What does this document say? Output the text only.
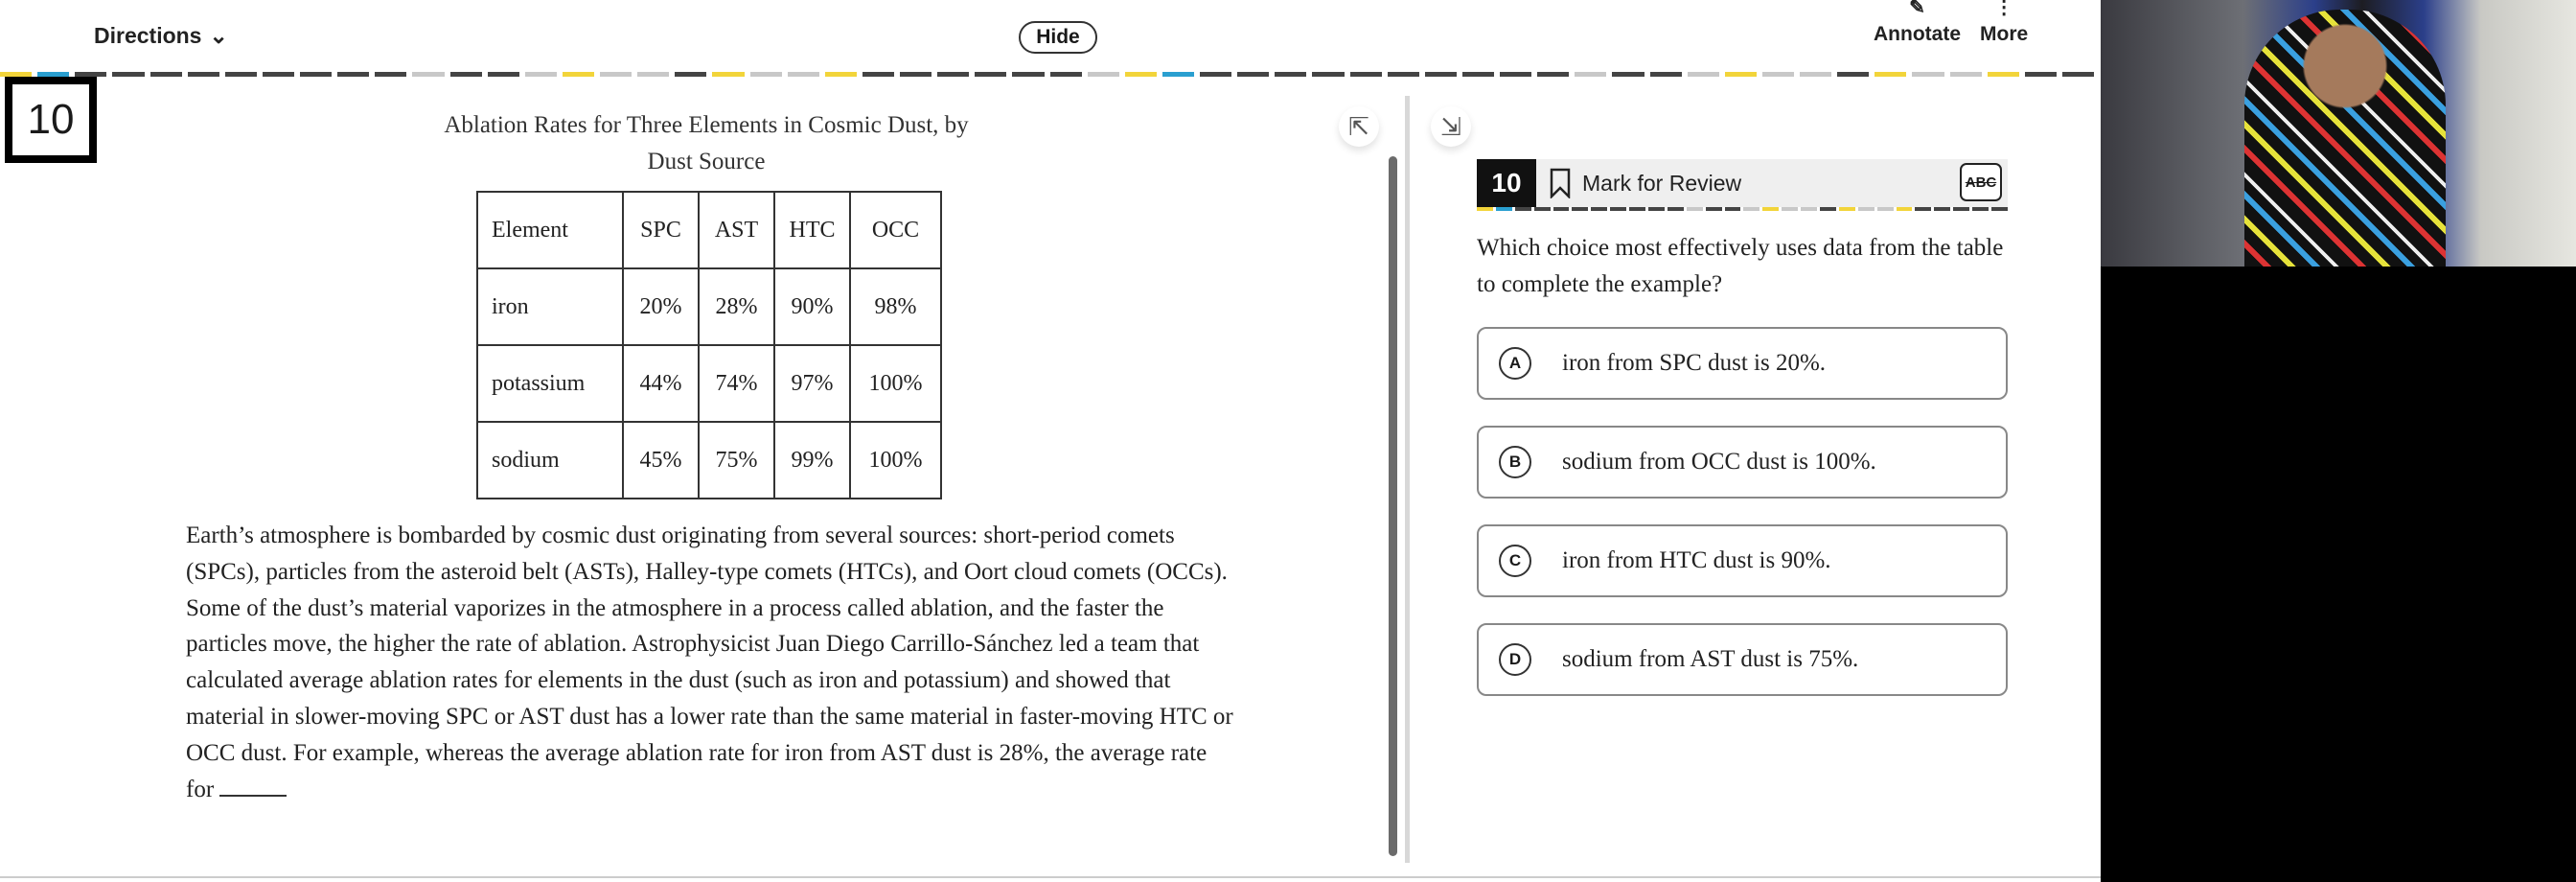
Directions ⌄	Hide
✎
Annotate
⋮
More
10	Ablation Rates for Three Elements in Cosmic Dust, by Dust Source
Element	SPC	AST	HTC	OCC
iron	20%	28%	90%	98%
potassium	44%	74%	97%	100%
sodium	45%	75%	99%	100%
Earth’s atmosphere is bombarded by cosmic dust originating from several sources: short-period comets (SPCs), particles from the asteroid belt (ASTs), Halley-type comets (HTCs), and Oort cloud comets (OCCs). Some of the dust’s material vaporizes in the atmosphere in a process called ablation, and the faster the particles move, the higher the rate of ablation. Astrophysicist Juan Diego Carrillo-Sánchez led a team that calculated average ablation rates for elements in the dust (such as iron and potassium) and showed that material in slower-moving SPC or AST dust has a lower rate than the same material in faster-moving HTC or OCC dust. For example, whereas the average ablation rate for iron from AST dust is 28%, the average rate for
⇱	⇲
10	Mark for Review	ABC
Which choice most effectively uses data from the table to complete the example?
A	iron from SPC dust is 20%.
B	sodium from OCC dust is 100%.
C	iron from HTC dust is 90%.
D	sodium from AST dust is 75%.
